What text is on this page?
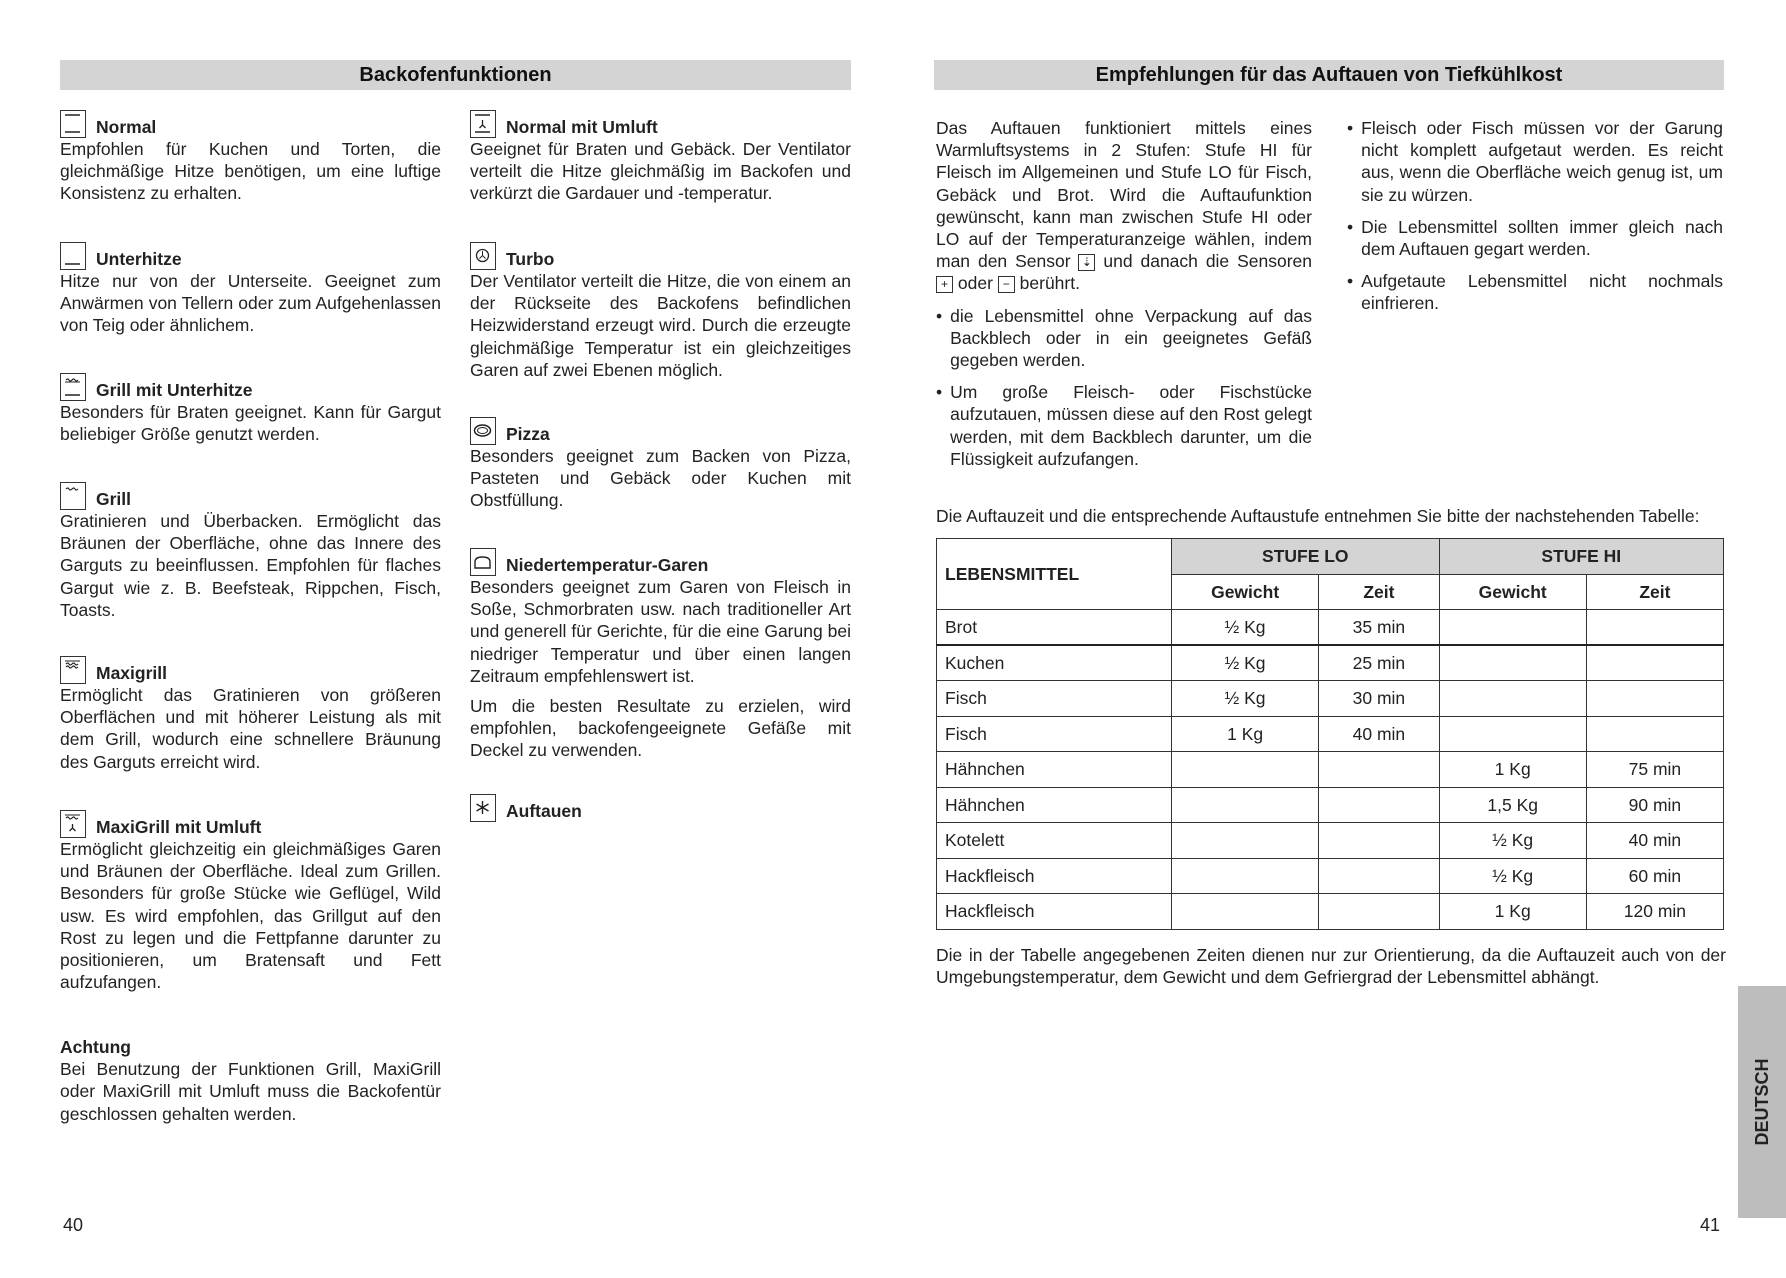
Backofenfunktionen	Empfehlungen für das Auftauen von Tiefkühlkost
Normal

Empfohlen für Kuchen und Torten, die gleichmäßige Hitze benötigen, um eine luftige Konsistenz zu erhalten.

Unterhitze

Hitze nur von der Unterseite. Geeignet zum Anwärmen von Tellern oder zum Aufgehenlassen von Teig oder ähnlichem.

Grill mit Unterhitze

Besonders für Braten geeignet. Kann für Gargut beliebiger Größe genutzt werden.

Grill

Gratinieren und Überbacken. Ermöglicht das Bräunen der Oberfläche, ohne das Innere des Garguts zu beeinflussen. Empfohlen für flaches Gargut wie z. B. Beefsteak, Rippchen, Fisch, Toasts.

Maxigrill

Ermöglicht das Gratinieren von größeren Oberflächen und mit höherer Leistung als mit dem Grill, wodurch eine schnellere Bräunung des Garguts erreicht wird.

MaxiGrill mit Umluft

Ermöglicht gleichzeitig ein gleichmäßiges Garen und Bräunen der Oberfläche. Ideal zum Grillen. Besonders für große Stücke wie Geflügel, Wild usw. Es wird empfohlen, das Grillgut auf den Rost zu legen und die Fettpfanne darunter zu positionieren, um Bratensaft und Fett aufzufangen.

Normal mit Umluft

Geeignet für Braten und Gebäck. Der Ventilator verteilt die Hitze gleichmäßig im Backofen und verkürzt die Gardauer und -temperatur.

Turbo

Der Ventilator verteilt die Hitze, die von einem an der Rückseite des Backofens befindlichen Heizwiderstand erzeugt wird. Durch die erzeugte gleichmäßige Temperatur ist ein gleichzeitiges Garen auf zwei Ebenen möglich.

Pizza

Besonders geeignet zum Backen von Pizza, Pasteten und Gebäck oder Kuchen mit Obstfüllung.

Niedertemperatur-Garen

Besonders geeignet zum Garen von Fleisch in Soße, Schmorbraten usw. nach traditioneller Art und generell für Gerichte, für die eine Garung bei niedriger Temperatur und über einen langen Zeitraum empfehlenswert ist.

Um die besten Resultate zu erzielen, wird empfohlen, backofengeeignete Gefäße mit Deckel zu verwenden.

Auftauen
Achtung

Bei Benutzung der Funktionen Grill, MaxiGrill oder MaxiGrill mit Umluft muss die Backofentür geschlossen gehalten werden.

Das Auftauen funktioniert mittels eines Warmluftsystems in 2 Stufen: Stufe HI für Fleisch im Allgemeinen und Stufe LO für Fisch, Gebäck und Brot. Wird die Auftaufunktion gewünscht, kann man zwischen Stufe HI oder LO auf der Temperaturanzeige wählen, indem man den Sensor ⇣ und danach die Sensoren + oder − berührt.

• die Lebensmittel ohne Verpackung auf das Backblech oder in ein geeignetes Gefäß gegeben werden.

• Um große Fleisch- oder Fischstücke aufzutauen, müssen diese auf den Rost gelegt werden, mit dem Backblech darunter, um die Flüssigkeit aufzufangen.

• Fleisch oder Fisch müssen vor der Garung nicht komplett aufgetaut werden. Es reicht aus, wenn die Oberfläche weich genug ist, um sie zu würzen.

• Die Lebensmittel sollten immer gleich nach dem Auftauen gegart werden.

• Aufgetaute Lebensmittel nicht nochmals einfrieren.

Die Auftauzeit und die entsprechende Auftaustufe entnehmen Sie bitte der nachstehenden Tabelle:

LEBENSMITTEL	STUFE LO		STUFE HI	
	Gewicht	Zeit	Gewicht	Zeit
Brot	½ Kg	35 min		
Kuchen	½ Kg	25 min		
Fisch	½ Kg	30 min		
Fisch	1 Kg	40 min		
Hähnchen			1 Kg	75 min
Hähnchen			1,5 Kg	90 min
Kotelett			½ Kg	40 min
Hackfleisch			½ Kg	60 min
Hackfleisch			1 Kg	120 min

Die in der Tabelle angegebenen Zeiten dienen nur zur Orientierung, da die Auftauzeit auch von der Umgebungstemperatur, dem Gewicht und dem Gefriergrad der Lebensmittel abhängt.

40	41
DEUTSCH
